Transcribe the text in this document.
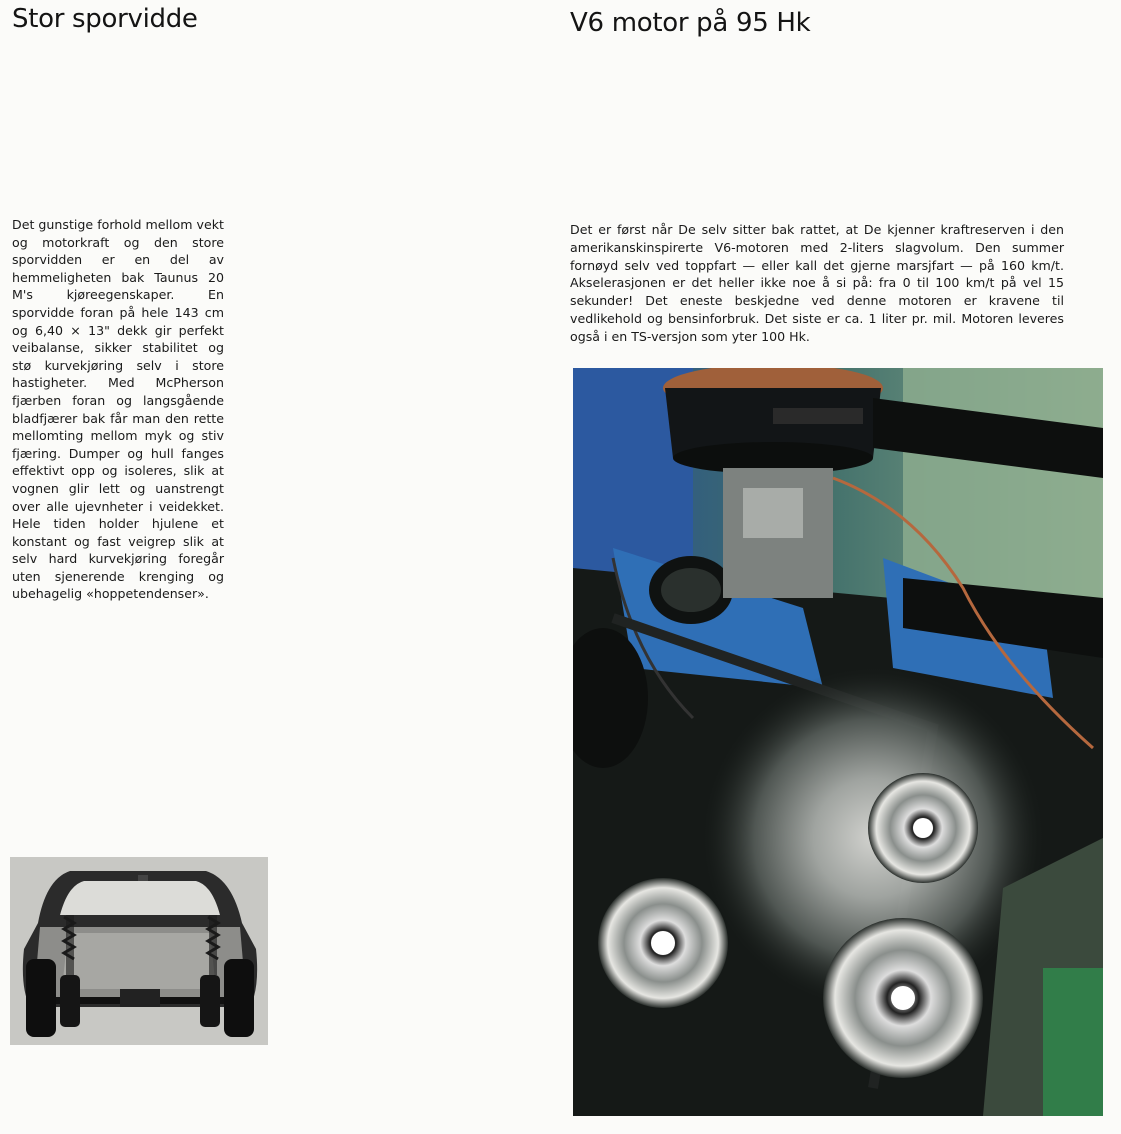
Stor sporvidde

Det gunstige forhold mellom vekt og motorkraft og den store sporvidden er en del av hemmeligheten bak Taunus 20 M's kjøreegenskaper. En sporvidde foran på hele 143 cm og 6,40 × 13" dekk gir perfekt veibalanse, sikker stabilitet og stø kurvekjøring selv i store hastigheter. Med McPherson fjærben foran og langsgående bladfjærer bak får man den rette mellomting mellom myk og stiv fjæring. Dumper og hull fanges effektivt opp og isoleres, slik at vognen glir lett og uanstrengt over alle ujevnheter i veidekket. Hele tiden holder hjulene et konstant og fast veigrep slik at selv hard kurvekjøring foregår uten sjenerende krenging og ubehagelig «hoppetendenser».

V6 motor på 95 Hk

Det er først når De selv sitter bak rattet, at De kjenner kraftreserven i den amerikanskinspirerte V6-motoren med 2-liters slagvolum. Den summer fornøyd selv ved toppfart — eller kall det gjerne marsjfart — på 160 km/t. Akselerasjonen er det heller ikke noe å si på: fra 0 til 100 km/t på vel 15 sekunder! Det eneste beskjedne ved denne motoren er kravene til vedlikehold og bensinforbruk. Det siste er ca. 1 liter pr. mil. Motoren leveres også i en TS-versjon som yter 100 Hk.
